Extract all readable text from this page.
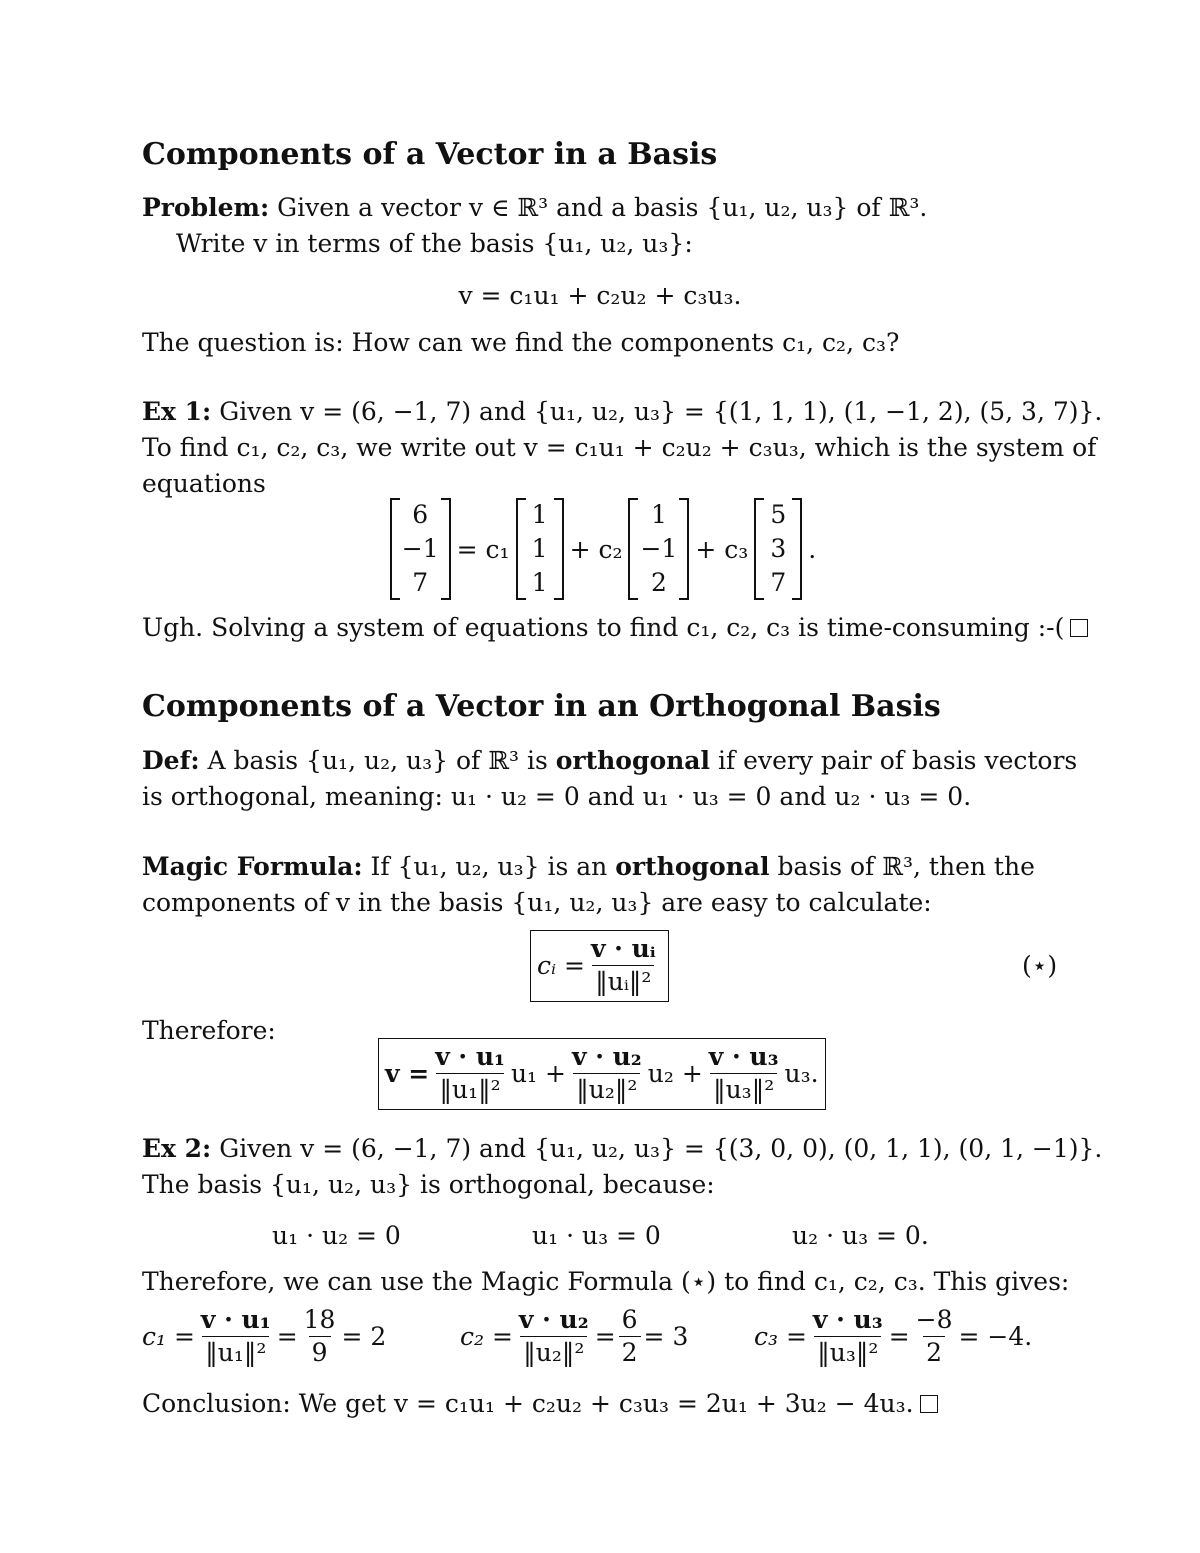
Components of a Vector in a Basis
Problem: Given a vector v ∈ ℝ³ and a basis {u₁, u₂, u₃} of ℝ³.
Write v in terms of the basis {u₁, u₂, u₃}:
v = c₁u₁ + c₂u₂ + c₃u₃.
The question is: How can we find the components c₁, c₂, c₃?
Ex 1: Given v = (6, −1, 7) and {u₁, u₂, u₃} = {(1, 1, 1), (1, −1, 2), (5, 3, 7)}.
To find c₁, c₂, c₃, we write out v = c₁u₁ + c₂u₂ + c₃u₃, which is the system of
equations
6
−1
7
= c₁
1
1
1
+ c₂
1
−1
2
+ c₃
5
3
7
.
Ugh. Solving a system of equations to find c₁, c₂, c₃ is time-consuming :-(
Components of a Vector in an Orthogonal Basis
Def: A basis {u₁, u₂, u₃} of ℝ³ is orthogonal if every pair of basis vectors
is orthogonal, meaning: u₁ · u₂ = 0 and u₁ · u₃ = 0 and u₂ · u₃ = 0.
Magic Formula: If {u₁, u₂, u₃} is an orthogonal basis of ℝ³, then the
components of v in the basis {u₁, u₂, u₃} are easy to calculate:
cᵢ = $\frac{\text{v · uᵢ}}{\text{‖uᵢ‖²}}$	(⋆)
Therefore:
$v = \frac{\text{v · u₁}}{\text{‖u₁‖²}} u_1 + \frac{\text{v · u₂}}{\text{‖u₂‖²}} u_2 + \frac{\text{v · u₃}}{\text{‖u₃‖²}} u_3$.
Ex 2: Given v = (6, −1, 7) and {u₁, u₂, u₃} = {(3, 0, 0), (0, 1, 1), (0, 1, −1)}.
The basis {u₁, u₂, u₃} is orthogonal, because:
u₁ · u₂ = 0	u₁ · u₃ = 0	u₂ · u₃ = 0.
Therefore, we can use the Magic Formula (⋆) to find c₁, c₂, c₃. This gives:
$c_1 = \frac{\text{v · u₁}}{\text{‖u₁‖²}} = \frac{18}{9} = 2$	$c_2 = \frac{\text{v · u₂}}{\text{‖u₂‖²}} = \frac{6}{2} = 3$	$c_3 = \frac{\text{v · u₃}}{\text{‖u₃‖²}} = \frac{-8}{2} = -4$.
Conclusion: We get v = c₁u₁ + c₂u₂ + c₃u₃ = 2u₁ + 3u₂ − 4u₃.
